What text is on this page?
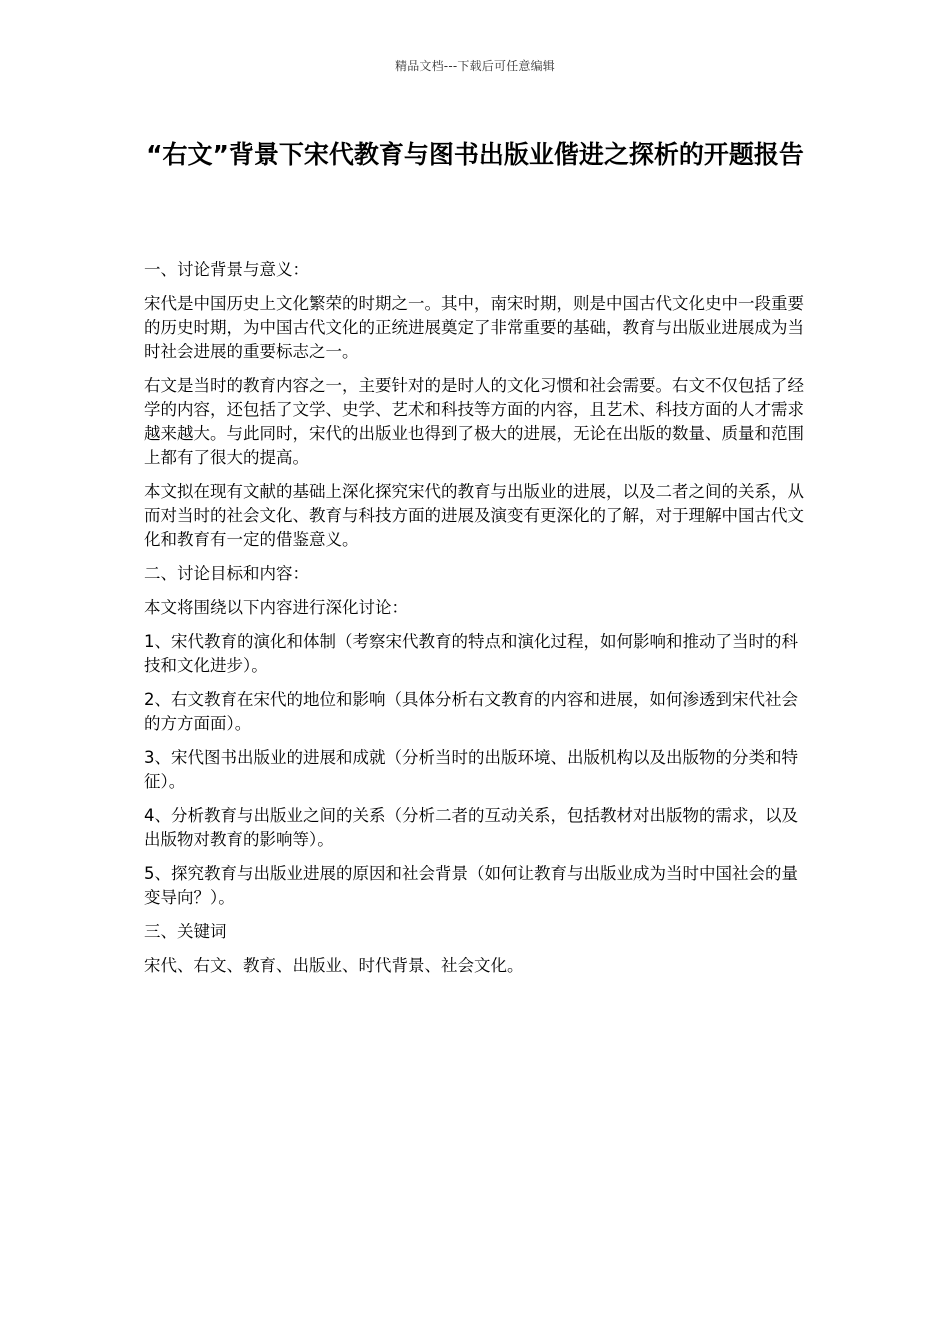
精品文档---下载后可任意编辑
“右文”背景下宋代教育与图书出版业偕进之探析的开题报告

一、讨论背景与意义：

宋代是中国历史上文化繁荣的时期之一。其中，南宋时期，则是中国古代文化史中一段重要的历史时期，为中国古代文化的正统进展奠定了非常重要的基础，教育与出版业进展成为当时社会进展的重要标志之一。

右文是当时的教育内容之一，主要针对的是时人的文化习惯和社会需要。右文不仅包括了经学的内容，还包括了文学、史学、艺术和科技等方面的内容，且艺术、科技方面的人才需求越来越大。与此同时，宋代的出版业也得到了极大的进展，无论在出版的数量、质量和范围上都有了很大的提高。

本文拟在现有文献的基础上深化探究宋代的教育与出版业的进展，以及二者之间的关系，从而对当时的社会文化、教育与科技方面的进展及演变有更深化的了解，对于理解中国古代文化和教育有一定的借鉴意义。

二、讨论目标和内容：

本文将围绕以下内容进行深化讨论：

1、宋代教育的演化和体制（考察宋代教育的特点和演化过程，如何影响和推动了当时的科技和文化进步）。

2、右文教育在宋代的地位和影响（具体分析右文教育的内容和进展，如何渗透到宋代社会的方方面面）。

3、宋代图书出版业的进展和成就（分析当时的出版环境、出版机构以及出版物的分类和特征）。

4、分析教育与出版业之间的关系（分析二者的互动关系，包括教材对出版物的需求，以及出版物对教育的影响等）。

5、探究教育与出版业进展的原因和社会背景（如何让教育与出版业成为当时中国社会的量变导向？）。

三、关键词

宋代、右文、教育、出版业、时代背景、社会文化。
